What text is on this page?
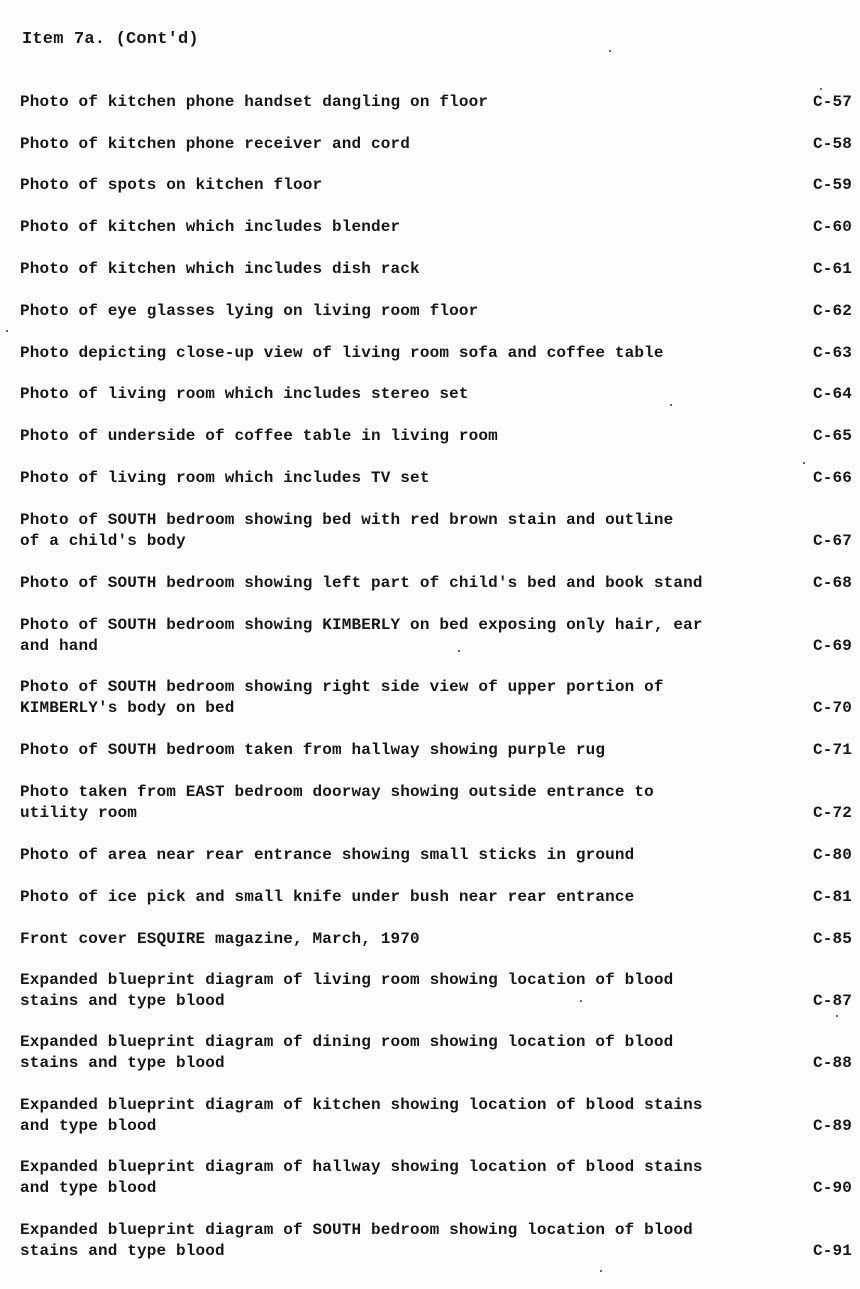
Item 7a. (Cont'd)
Photo of kitchen phone handset dangling on floor	C-57
Photo of kitchen phone receiver and cord	C-58
Photo of spots on kitchen floor	C-59
Photo of kitchen which includes blender	C-60
Photo of kitchen which includes dish rack	C-61
Photo of eye glasses lying on living room floor	C-62
Photo depicting close-up view of living room sofa and coffee table	C-63
Photo of living room which includes stereo set	C-64
Photo of underside of coffee table in living room	C-65
Photo of living room which includes TV set	C-66
Photo of SOUTH bedroom showing bed with red brown stain and outline
of a child's body	C-67
Photo of SOUTH bedroom showing left part of child's bed and book stand	C-68
Photo of SOUTH bedroom showing KIMBERLY on bed exposing only hair, ear
and hand	C-69
Photo of SOUTH bedroom showing right side view of upper portion of
KIMBERLY's body on bed	C-70
Photo of SOUTH bedroom taken from hallway showing purple rug	C-71
Photo taken from EAST bedroom doorway showing outside entrance to
utility room	C-72
Photo of area near rear entrance showing small sticks in ground	C-80
Photo of ice pick and small knife under bush near rear entrance	C-81
Front cover ESQUIRE magazine, March, 1970	C-85
Expanded blueprint diagram of living room showing location of blood
stains and type blood	C-87
Expanded blueprint diagram of dining room showing location of blood
stains and type blood	C-88
Expanded blueprint diagram of kitchen showing location of blood stains
and type blood	C-89
Expanded blueprint diagram of hallway showing location of blood stains
and type blood	C-90
Expanded blueprint diagram of SOUTH bedroom showing location of blood
stains and type blood	C-91
